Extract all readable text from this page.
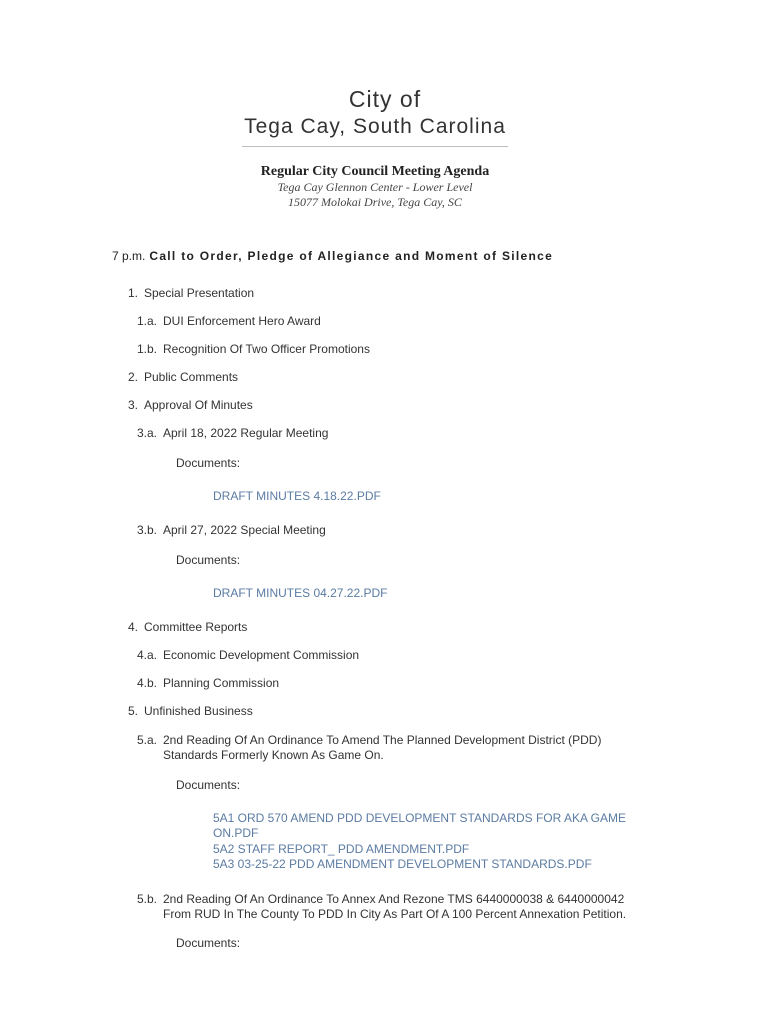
City of
Tega Cay, South Carolina
Regular City Council Meeting Agenda
Tega Cay Glennon Center - Lower Level
15077 Molokai Drive, Tega Cay, SC
7 p.m. Call to Order, Pledge of Allegiance and Moment of Silence
1. Special Presentation
1.a. DUI Enforcement Hero Award
1.b. Recognition Of Two Officer Promotions
2. Public Comments
3. Approval Of Minutes
3.a. April 18, 2022 Regular Meeting
Documents:
DRAFT MINUTES 4.18.22.PDF
3.b. April 27, 2022 Special Meeting
Documents:
DRAFT MINUTES 04.27.22.PDF
4. Committee Reports
4.a. Economic Development Commission
4.b. Planning Commission
5. Unfinished Business
5.a. 2nd Reading Of An Ordinance To Amend The Planned Development District (PDD)
Standards Formerly Known As Game On.
Documents:
5A1 ORD 570 AMEND PDD DEVELOPMENT STANDARDS FOR AKA GAME
ON.PDF
5A2 STAFF REPORT_ PDD AMENDMENT.PDF
5A3 03-25-22 PDD AMENDMENT DEVELOPMENT STANDARDS.PDF
5.b. 2nd Reading Of An Ordinance To Annex And Rezone TMS 6440000038 & 6440000042
From RUD In The County To PDD In City As Part Of A 100 Percent Annexation Petition.
Documents:
